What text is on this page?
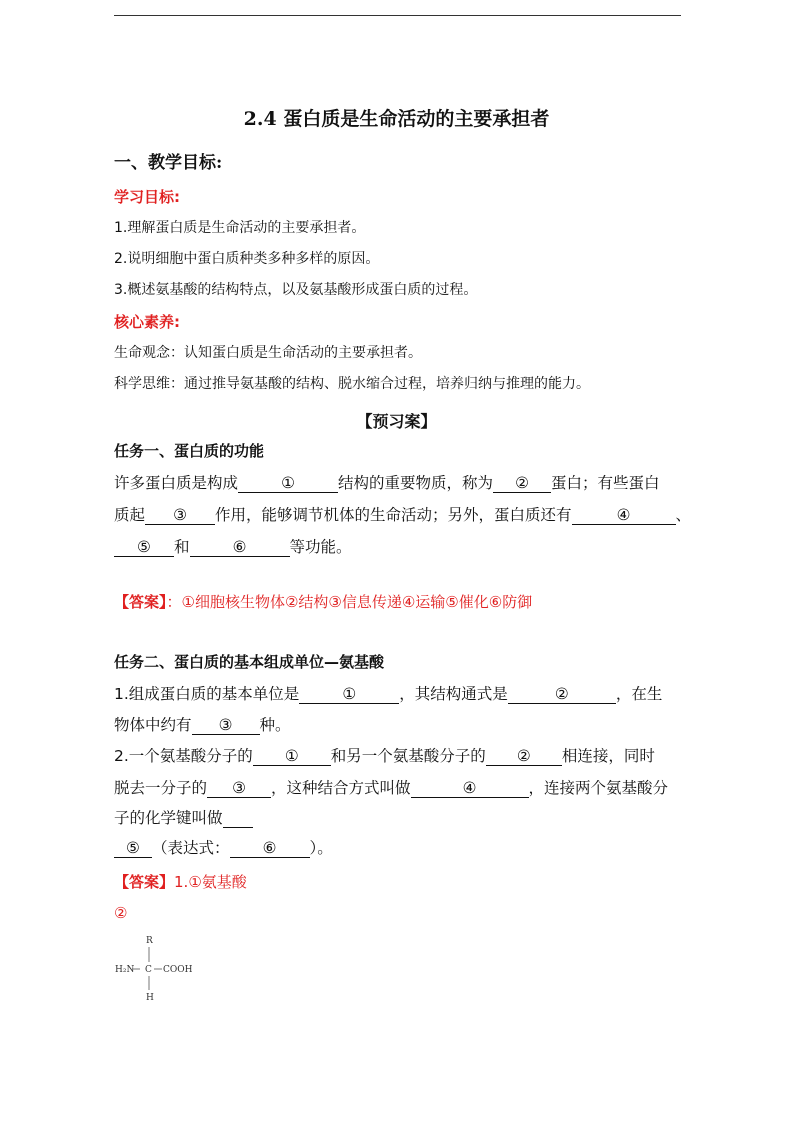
2.4 蛋白质是生命活动的主要承担者
一、教学目标:
学习目标:
1.理解蛋白质是生命活动的主要承担者。
2.说明细胞中蛋白质种类多种多样的原因。
3.概述氨基酸的结构特点，以及氨基酸形成蛋白质的过程。
核心素养:
生命观念：认知蛋白质是生命活动的主要承担者。
科学思维：通过推导氨基酸的结构、脱水缩合过程，培养归纳与推理的能力。
【预习案】
任务一、蛋白质的功能
许多蛋白质是构成	①	结构的重要物质，称为 ② 蛋白；有些蛋白
质起 ③ 作用，能够调节机体的生命活动；另外，蛋白质还有	④	、
⑤ 和	⑥	等功能。
【答案】：①细胞核生物体②结构③信息传递④运输⑤催化⑥防御
任务二、蛋白质的基本组成单位—氨基酸
1.组成蛋白质的基本单位是	①	，其结构通式是	②	，在生
物体中约有 ③ 种。
2.一个氨基酸分子的 ① 和另一个氨基酸分子的 ② 相连接，同时
脱去一分子的 ③ ，这种结合方式叫做	④	，连接两个氨基酸分
子的化学键叫做
⑤ （表达式： ⑥ ）。
【答案】1.①氨基酸
②
R
H₂N C COOH
H
